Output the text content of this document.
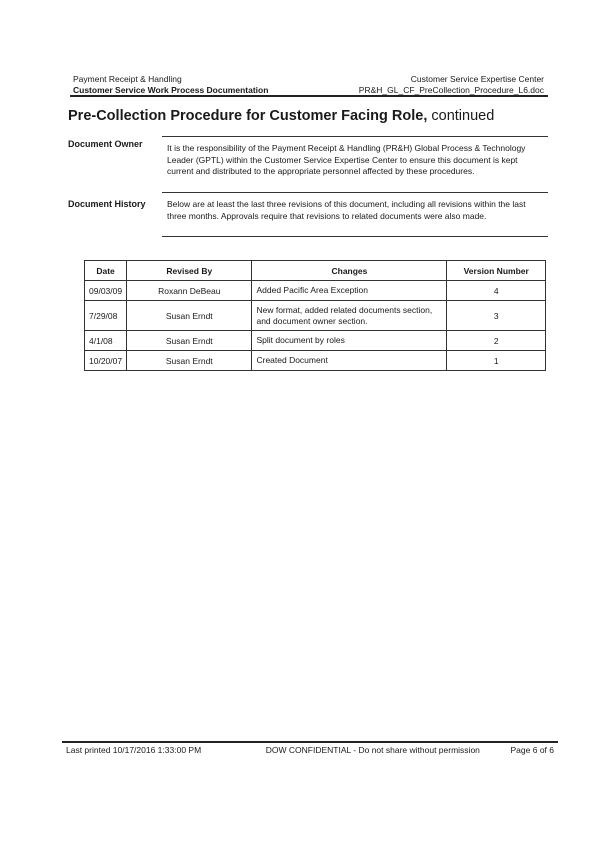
Payment Receipt & Handling
Customer Service Work Process Documentation
Customer Service Expertise Center
PR&H_GL_CF_PreCollection_Procedure_L6.doc
Pre-Collection Procedure for Customer Facing Role, continued
Document Owner	It is the responsibility of the Payment Receipt & Handling (PR&H) Global Process & Technology Leader (GPTL) within the Customer Service Expertise Center to ensure this document is kept current and distributed to the appropriate personnel affected by these procedures.
Document History	Below are at least the last three revisions of this document, including all revisions within the last three months. Approvals require that revisions to related documents were also made.
Date	Revised By	Changes	Version Number
09/03/09	Roxann DeBeau	Added Pacific Area Exception	4
7/29/08	Susan Erndt	New format, added related documents section, and document owner section.	3
4/1/08	Susan Erndt	Split document by roles	2
10/20/07	Susan Erndt	Created Document	1
Last printed 10/17/2016 1:33:00 PM	DOW CONFIDENTIAL - Do not share without permission	Page 6 of 6
